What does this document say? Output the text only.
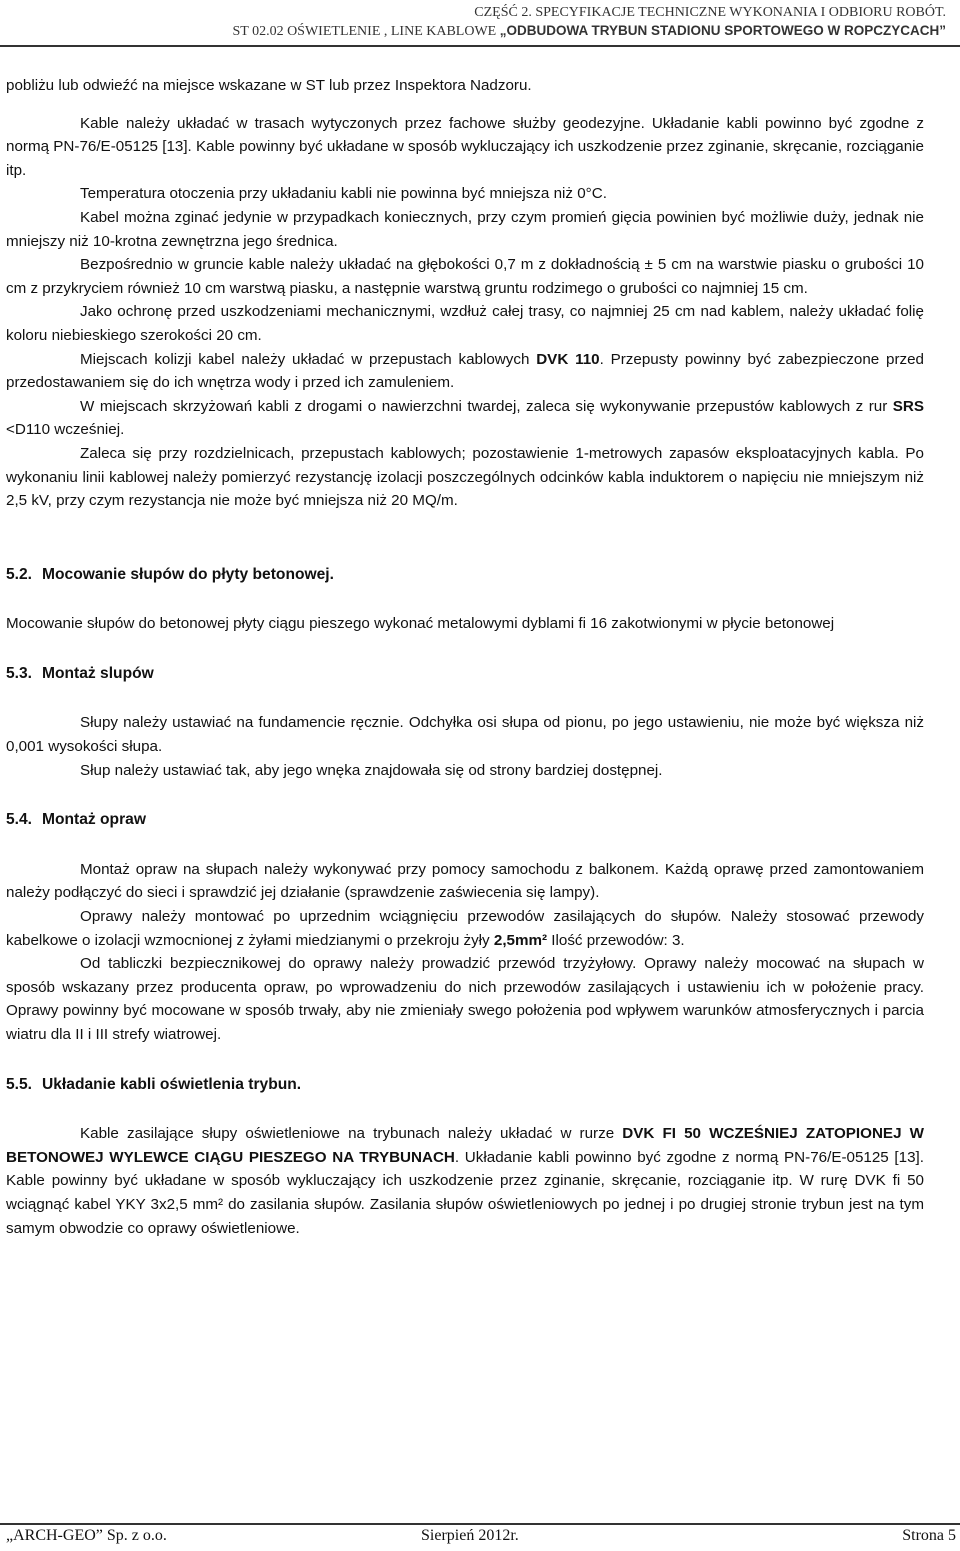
CZĘŚĆ 2. SPECYFIKACJE TECHNICZNE WYKONANIA I ODBIORU ROBÓT.
ST 02.02 OŚWIETLENIE , LINE KABLOWE „ODBUDOWA TRYBUN STADIONU SPORTOWEGO W ROPCZYCACH”

pobliżu lub odwieźć na miejsce wskazane w ST lub przez Inspektora Nadzoru.

Kable należy układać w trasach wytyczonych przez fachowe służby geodezyjne. Układanie kabli powinno być zgodne z normą PN-76/E-05125 [13]. Kable powinny być układane w sposób wykluczający ich uszkodzenie przez zginanie, skręcanie, rozciąganie itp.

Temperatura otoczenia przy układaniu kabli nie powinna być mniejsza niż 0°C.

Kabel można zginać jedynie w przypadkach koniecznych, przy czym promień gięcia powinien być możliwie duży, jednak nie mniejszy niż 10-krotna zewnętrzna jego średnica.

Bezpośrednio w gruncie kable należy układać na głębokości 0,7 m z dokładnością ± 5 cm na warstwie piasku o grubości 10 cm z przykryciem również 10 cm warstwą piasku, a następnie warstwą gruntu rodzimego o grubości co najmniej 15 cm.

Jako ochronę przed uszkodzeniami mechanicznymi, wzdłuż całej trasy, co najmniej 25 cm nad kablem, należy układać folię koloru niebieskiego szerokości 20 cm.

Miejscach kolizji kabel należy układać w przepustach kablowych DVK 110. Przepusty powinny być zabezpieczone przed przedostawaniem się do ich wnętrza wody i przed ich zamuleniem.

W miejscach skrzyżowań kabli z drogami o nawierzchni twardej, zaleca się wykonywanie przepustów kablowych z rur SRS <D110 wcześniej.

Zaleca się przy rozdzielnicach, przepustach kablowych; pozostawienie 1-metrowych zapasów eksploatacyjnych kabla. Po wykonaniu linii kablowej należy pomierzyć rezystancję izolacji poszczególnych odcinków kabla induktorem o napięciu nie mniejszym niż 2,5 kV, przy czym rezystancja nie może być mniejsza niż 20 MQ/m.

5.2. Mocowanie słupów do płyty betonowej.

Mocowanie słupów do betonowej płyty ciągu pieszego wykonać metalowymi dyblami fi 16 zakotwionymi w płycie betonowej

5.3. Montaż slupów

Słupy należy ustawiać na fundamencie ręcznie. Odchyłka osi słupa od pionu, po jego ustawieniu, nie może być większa niż 0,001 wysokości słupa.

Słup należy ustawiać tak, aby jego wnęka znajdowała się od strony bardziej dostępnej.

5.4. Montaż opraw

Montaż opraw na słupach należy wykonywać przy pomocy samochodu z balkonem. Każdą oprawę przed zamontowaniem należy podłączyć do sieci i sprawdzić jej działanie (sprawdzenie zaświecenia się lampy).

Oprawy należy montować po uprzednim wciągnięciu przewodów zasilających do słupów. Należy stosować przewody kabelkowe o izolacji wzmocnionej z żyłami miedzianymi o przekroju żyły 2,5mm² Ilość przewodów: 3.

Od tabliczki bezpiecznikowej do oprawy należy prowadzić przewód trzyżyłowy. Oprawy należy mocować na słupach w sposób wskazany przez producenta opraw, po wprowadzeniu do nich przewodów zasilających i ustawieniu ich w położenie pracy. Oprawy powinny być mocowane w sposób trwały, aby nie zmieniały swego położenia pod wpływem warunków atmosferycznych i parcia wiatru dla II i III strefy wiatrowej.

5.5. Układanie kabli oświetlenia trybun.

Kable zasilające słupy oświetleniowe na trybunach należy układać w rurze DVK FI 50 WCZEŚNIEJ ZATOPIONEJ W BETONOWEJ WYLEWCE CIĄGU PIESZEGO NA TRYBUNACH. Układanie kabli powinno być zgodne z normą PN-76/E-05125 [13]. Kable powinny być układane w sposób wykluczający ich uszkodzenie przez zginanie, skręcanie, rozciąganie itp. W rurę DVK fi 50 wciągnąć kabel YKY 3x2,5 mm² do zasilania słupów. Zasilania słupów oświetleniowych po jednej i po drugiej stronie trybun jest na tym samym obwodzie co oprawy oświetleniowe.

„ARCH-GEO” Sp. z o.o.	Sierpień 2012r.	Strona 5
